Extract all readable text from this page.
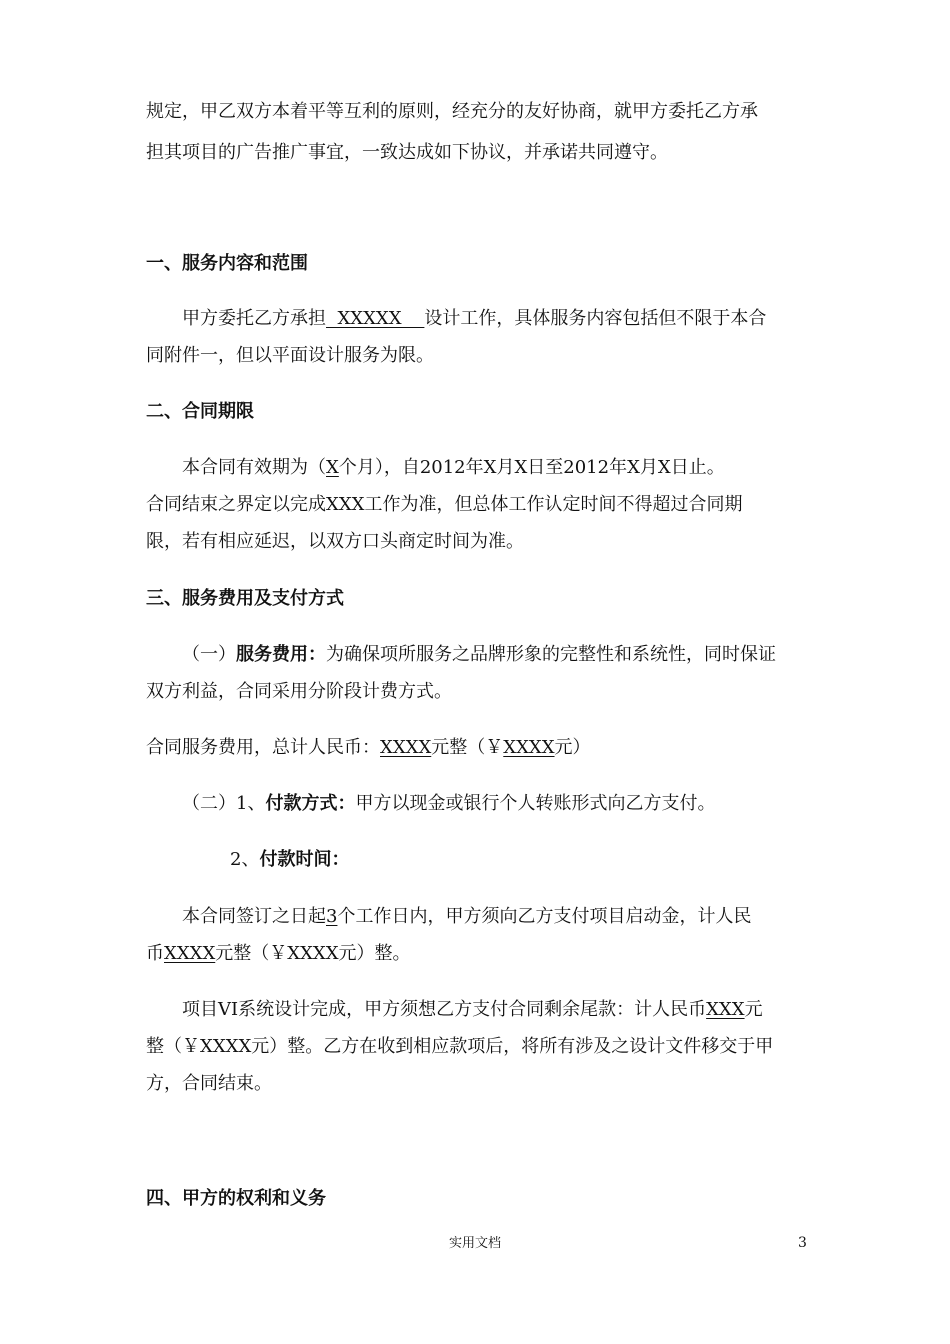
规定，甲乙双方本着平等互利的原则，经充分的友好协商，就甲方委托乙方承
担其项目的广告推广事宜，一致达成如下协议，并承诺共同遵守。
一、服务内容和范围
甲方委托乙方承担  XXXXX    设计工作，具体服务内容包括但不限于本合
同附件一，但以平面设计服务为限。
二、合同期限
本合同有效期为（X个月），自2012年X月X日至2012年X月X日止。
合同结束之界定以完成XXX工作为准，但总体工作认定时间不得超过合同期
限，若有相应延迟，以双方口头商定时间为准。
三、服务费用及支付方式
（一）服务费用：为确保项所服务之品牌形象的完整性和系统性，同时保证
双方利益，合同采用分阶段计费方式。
合同服务费用，总计人民币：XXXX元整（￥XXXX元）
（二）1、付款方式：甲方以现金或银行个人转账形式向乙方支付。
2、付款时间：
本合同签订之日起3个工作日内，甲方须向乙方支付项目启动金，计人民
币XXXX元整（￥XXXX元）整。
项目VI系统设计完成，甲方须想乙方支付合同剩余尾款：计人民币XXX元
整（￥XXXX元）整。乙方在收到相应款项后，将所有涉及之设计文件移交于甲
方，合同结束。
四、甲方的权利和义务
实用文档	3
